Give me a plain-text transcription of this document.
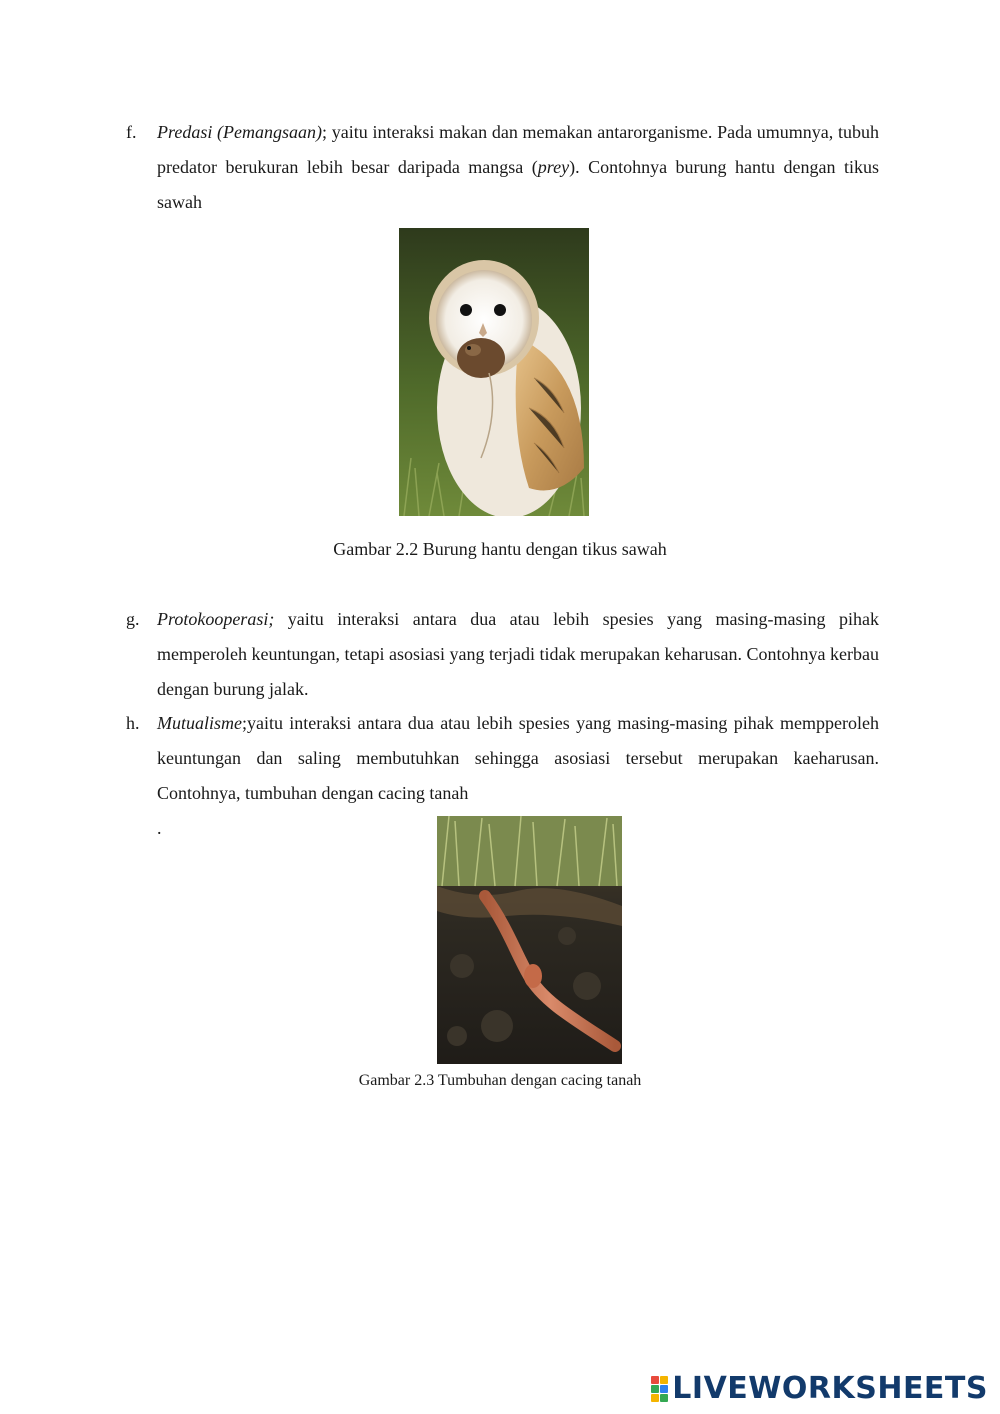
f. Predasi (Pemangsaan); yaitu interaksi makan dan memakan antarorganisme. Pada umumnya, tubuh predator berukuran lebih besar daripada mangsa (prey). Contohnya burung hantu dengan tikus sawah
Gambar 2.2 Burung hantu dengan tikus sawah
g. Protokooperasi; yaitu interaksi antara dua atau lebih spesies yang masing-masing pihak memperoleh keuntungan, tetapi asosiasi yang terjadi tidak merupakan keharusan. Contohnya kerbau dengan burung jalak.
h. Mutualisme;yaitu interaksi antara dua atau lebih spesies yang masing-masing pihak mempperoleh keuntungan dan saling membutuhkan sehingga asosiasi tersebut merupakan kaeharusan. Contohnya, tumbuhan dengan cacing tanah
.
Gambar 2.3 Tumbuhan dengan cacing tanah
LIVEWORKSHEETS
